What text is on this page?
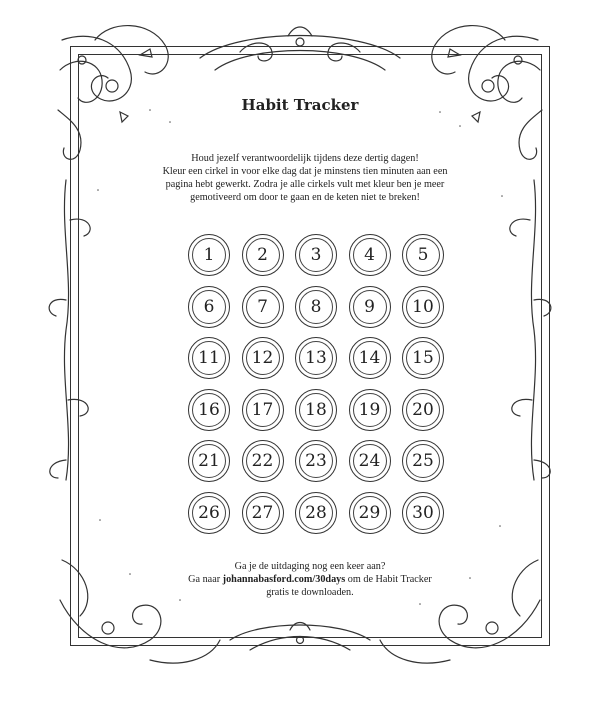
Habit Tracker

Houd jezelf verantwoordelijk tijdens deze dertig dagen!

Kleur een cirkel in voor elke dag dat je minstens tien minuten aan een

pagina hebt gewerkt. Zodra je alle cirkels vult met kleur ben je meer

gemotiveerd om door te gaan en de keten niet te breken!

1	2	3	4	5
6	7	8	9 10
11 12 13 14 15
16 17 18 19 20
21 22 23 24 25
26 27 28 29 30

Ga je de uitdaging nog een keer aan?

Ga naar johannabasford.com/30days om de Habit Tracker

gratis te downloaden.
